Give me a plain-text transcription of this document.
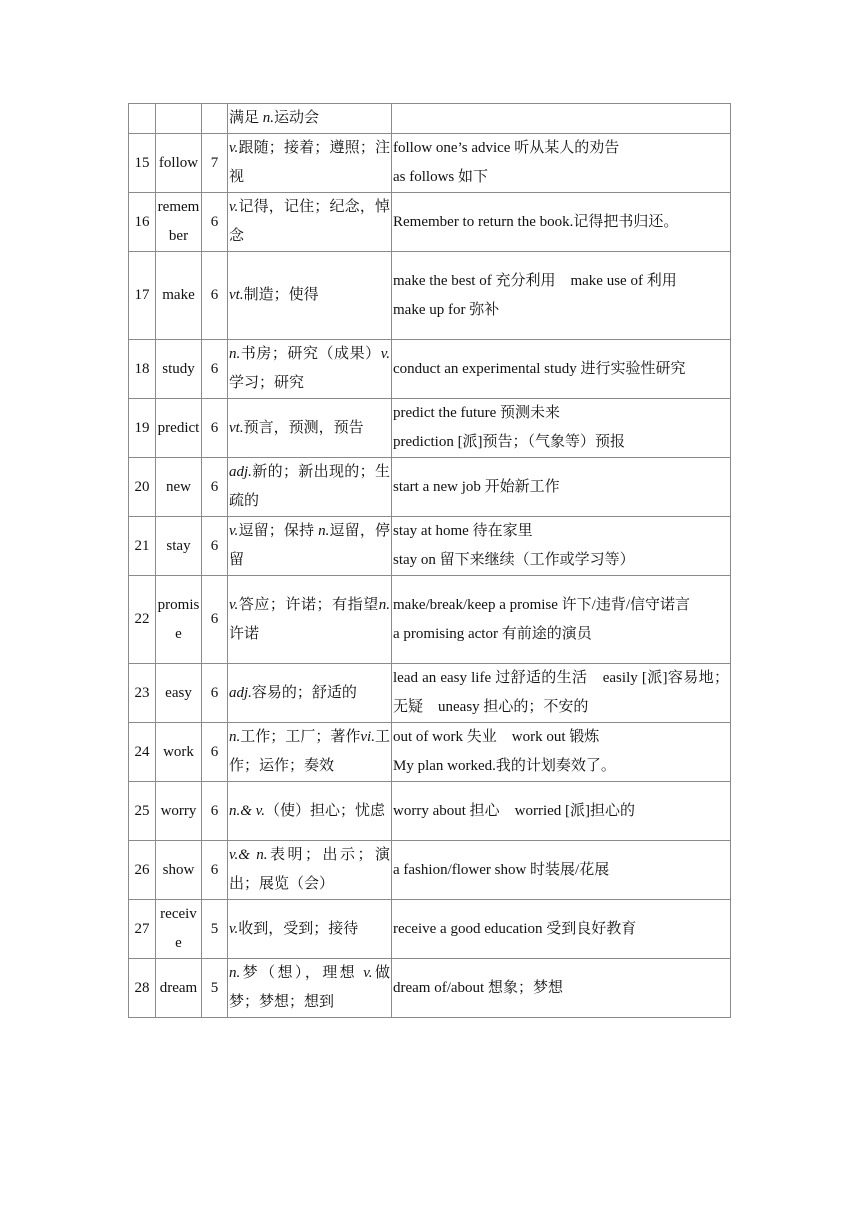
			满足 n.运动会	

15	follow	7	v.跟随；接着；遵照；注视	follow one’s advice 听从某人的劝告
as follows 如下

16	remember	6	v.记得，记住；纪念，悼念	Remember to return the book.记得把书归还。

17	make	6	vt.制造；使得	make the best of 充分利用　make use of 利用
make up for 弥补

18	study	6	n.书房；研究（成果）v.学习；研究	conduct an experimental study 进行实验性研究

19	predict	6	vt.预言，预测，预告	predict the future 预测未来
prediction [派]预告；（气象等）预报

20	new	6	adj.新的；新出现的；生疏的	start a new job 开始新工作

21	stay	6	v.逗留；保持 n.逗留，停留	stay at home 待在家里
stay on 留下来继续（工作或学习等）

22	promise	6	v.答应；许诺；有指望n.许诺	make/break/keep a promise 许下/违背/信守诺言
a promising actor 有前途的演员

23	easy	6	adj.容易的；舒适的	lead an easy life 过舒适的生活　easily [派]容易地；无疑　uneasy 担心的；不安的

24	work	6	n.工作；工厂；著作vi.工作；运作；奏效	out of work 失业　work out 锻炼
My plan worked.我的计划奏效了。

25	worry	6	n.& v.（使）担心；忧虑	worry about 担心　worried [派]担心的

26	show	6	v.& n.表明；出示；演出；展览（会）	a fashion/flower show 时装展/花展

27	receive	5	v.收到，受到；接待	receive a good education 受到良好教育

28	dream	5	n.梦（想），理想 v.做梦；梦想；想到	dream of/about 想象；梦想
